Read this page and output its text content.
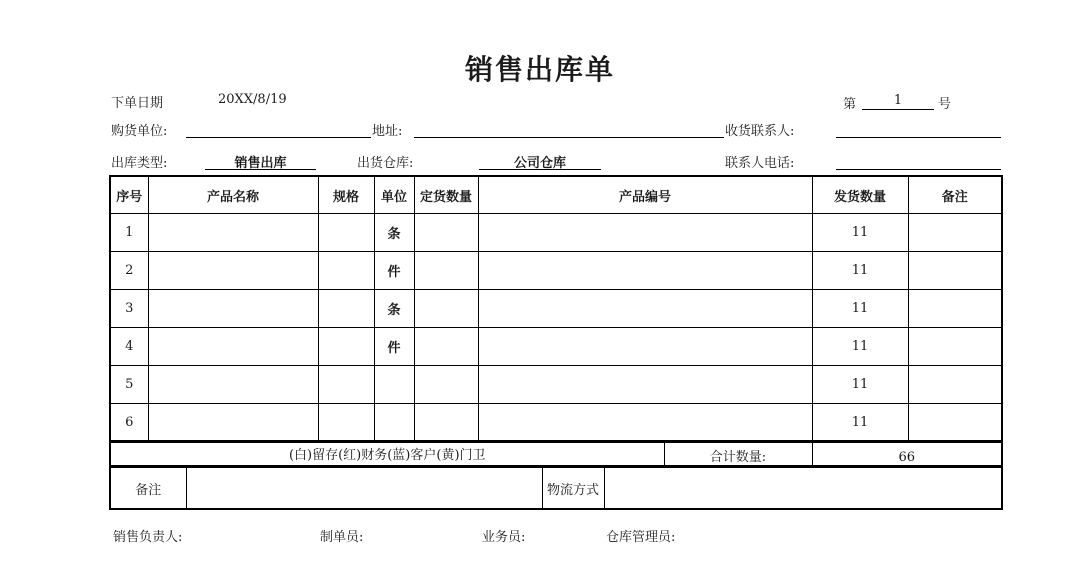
销售出库单
下单日期	20XX/8/19	第	1	号
购货单位:	地址:	收货联系人:
出库类型:	销售出库	出货仓库:	公司仓库	联系人电话:
序号	产品名称	规格	单位	定货数量	产品编号	发货数量	备注
1			条			11	
2			件			11	
3			条			11	
4			件			11	
5						11	
6						11	
(白)留存(红)财务(蓝)客户(黄)门卫	合计数量:	66
备注		物流方式	
销售负责人:	制单员:	业务员:	仓库管理员:
